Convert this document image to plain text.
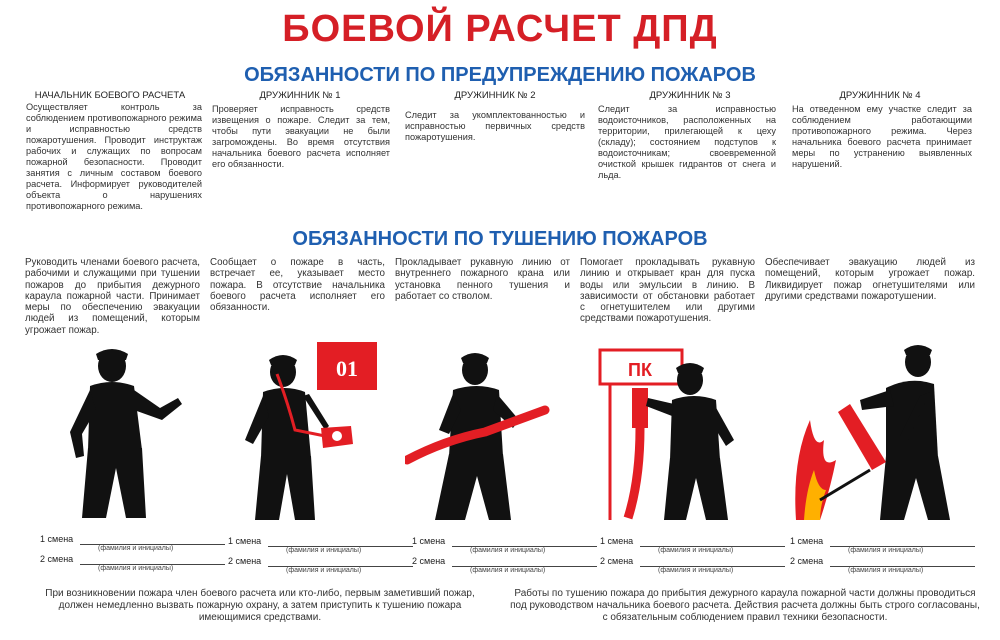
БОЕВОЙ РАСЧЕТ ДПД
ОБЯЗАННОСТИ ПО ПРЕДУПРЕЖДЕНИЮ ПОЖАРОВ
НАЧАЛЬНИК БОЕВОГО РАСЧЕТА
Осуществляет контроль за соблюдением противопожарного режима и исправностью средств пожаротушения. Проводит инструктаж рабочих и служащих по вопросам пожарной безопасности. Проводит занятия с личным составом боевого расчета. Информирует руководителей объекта о нарушениях противопожарного режима.
ДРУЖИННИК № 1
Проверяет исправность средств извещения о пожаре. Следит за тем, чтобы пути эвакуации не были загромождены. Во время отсутствия начальника боевого расчета исполняет его обязанности.
ДРУЖИННИК № 2
Следит за укомплектованностью и исправностью первичных средств пожаротушения.
ДРУЖИННИК № 3
Следит за исправностью водоисточников, расположенных на территории, прилегающей к цеху (складу); состоянием подступов к водоисточникам; своевременной очисткой крышек гидрантов от снега и льда.
ДРУЖИННИК № 4
На отведенном ему участке следит за соблюдением работающими противопожарного режима. Через начальника боевого расчета принимает меры по устранению выявленных нарушений.
ОБЯЗАННОСТИ ПО ТУШЕНИЮ ПОЖАРОВ
Руководить членами боевого расчета, рабочими и служащими при тушении пожаров до прибытия дежурного караула пожарной части. Принимает меры по обеспечению эвакуации людей из помещений, которым угрожает пожар.
Сообщает о пожаре в часть, встречает ее, указывает место пожара. В отсутствие начальника боевого расчета исполняет его обязанности.
Прокладывает рукавную линию от внутреннего пожарного крана или установка пенного тушения и работает со стволом.
Помогает прокладывать рукавную линию и открывает кран для пуска воды или эмульсии в линию. В зависимости от обстановки работает с огнетушителем или другими средствами пожаротушения.
Обеспечивает эвакуацию людей из помещений, которым угрожает пожар. Ликвидирует пожар огнетушителями или другими средствами пожаротушении.
01	ПК
1 смена
(фамилия и инициалы)
2 смена
(фамилия и инициалы)
1 смена
(фамилия и инициалы)
2 смена
(фамилия и инициалы)
1 смена
(фамилия и инициалы)
2 смена
(фамилия и инициалы)
1 смена
(фамилия и инициалы)
2 смена
(фамилия и инициалы)
1 смена
(фамилия и инициалы)
2 смена
(фамилия и инициалы)
При возникновении пожара член боевого расчета или кто-либо, первым заметивший пожар, должен немедленно вызвать пожарную охрану, а затем приступить к тушению пожара имеющимися средствами.
Работы по тушению пожара до прибытия дежурного караула пожарной части должны проводиться под руководством начальника боевого расчета. Действия расчета должны быть строго согласованы, с обязательным соблюдением правил техники безопасности.
